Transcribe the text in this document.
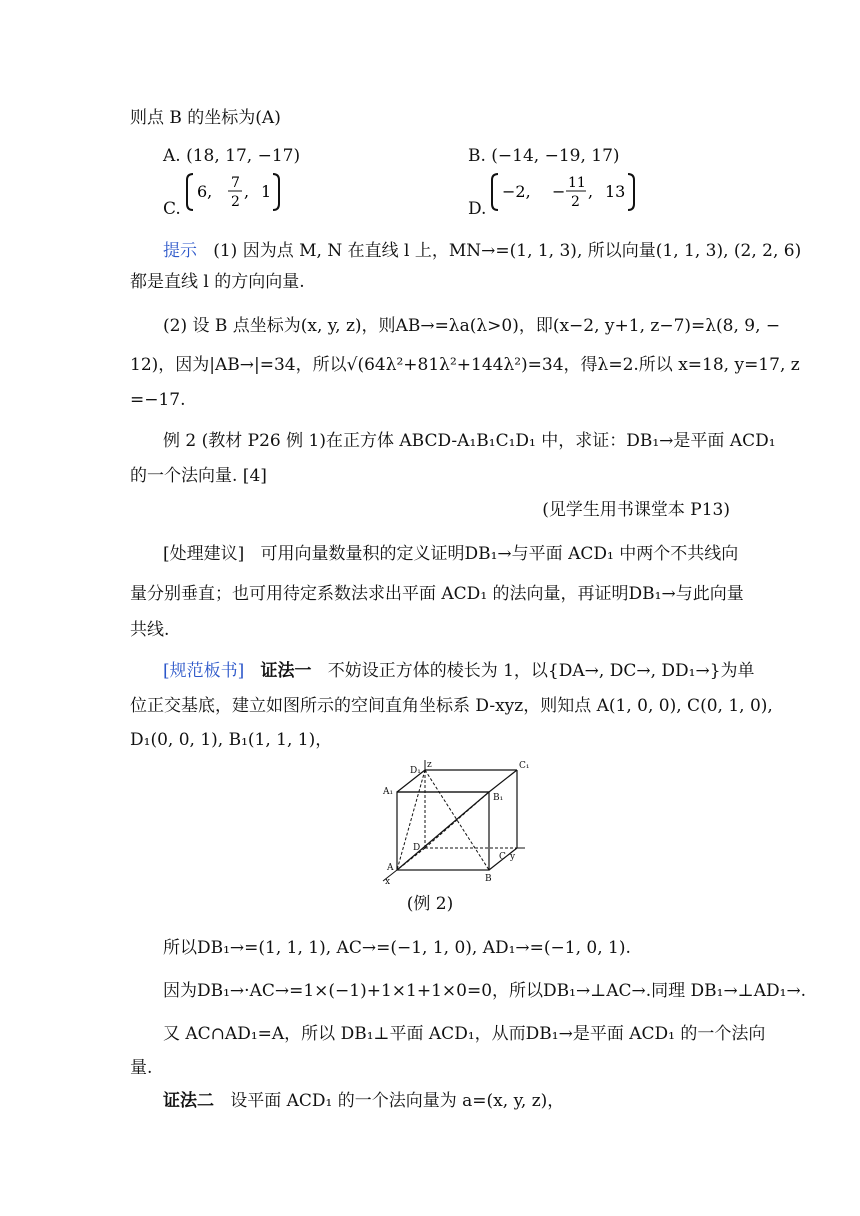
则点 B 的坐标为(A)
A. (18, 17, −17)	B. (−14, −19, 17)
C.
6, 7
2
, 1
D.
−2, − 11
2
, 13
提示 (1) 因为点 M, N 在直线 l 上，MN→=(1, 1, 3), 所以向量(1, 1, 3), (2, 2, 6)
都是直线 l 的方向向量.
(2) 设 B 点坐标为(x, y, z)，则AB→=λa(λ>0)，即(x−2, y+1, z−7)=λ(8, 9, −
12)，因为|AB→|=34，所以√(64λ²+81λ²+144λ²)=34，得λ=2.所以 x=18, y=17, z
=−17.
例 2 (教材 P26 例 1)在正方体 ABCD-A₁B₁C₁D₁ 中，求证：DB₁→是平面 ACD₁
的一个法向量. [4]
(见学生用书课堂本 P13)
[处理建议] 可用向量数量积的定义证明DB₁→与平面 ACD₁ 中两个不共线向
量分别垂直；也可用待定系数法求出平面 ACD₁ 的法向量，再证明DB₁→与此向量
共线.
[规范板书] 证法一 不妨设正方体的棱长为 1，以{DA→, DC→, DD₁→}为单
位正交基底，建立如图所示的空间直角坐标系 D-xyz，则知点 A(1, 0, 0), C(0, 1, 0),
D₁(0, 0, 1), B₁(1, 1, 1)，
D₁
z	C₁
A₁
B₁
D
C y
A
B
x
(例 2)
所以DB₁→=(1, 1, 1), AC→=(−1, 1, 0), AD₁→=(−1, 0, 1).
因为DB₁→·AC→=1×(−1)+1×1+1×0=0，所以DB₁→⊥AC→.同理 DB₁→⊥AD₁→.
又 AC∩AD₁=A，所以 DB₁⊥平面 ACD₁，从而DB₁→是平面 ACD₁ 的一个法向
量.
证法二 设平面 ACD₁ 的一个法向量为 a=(x, y, z)，
